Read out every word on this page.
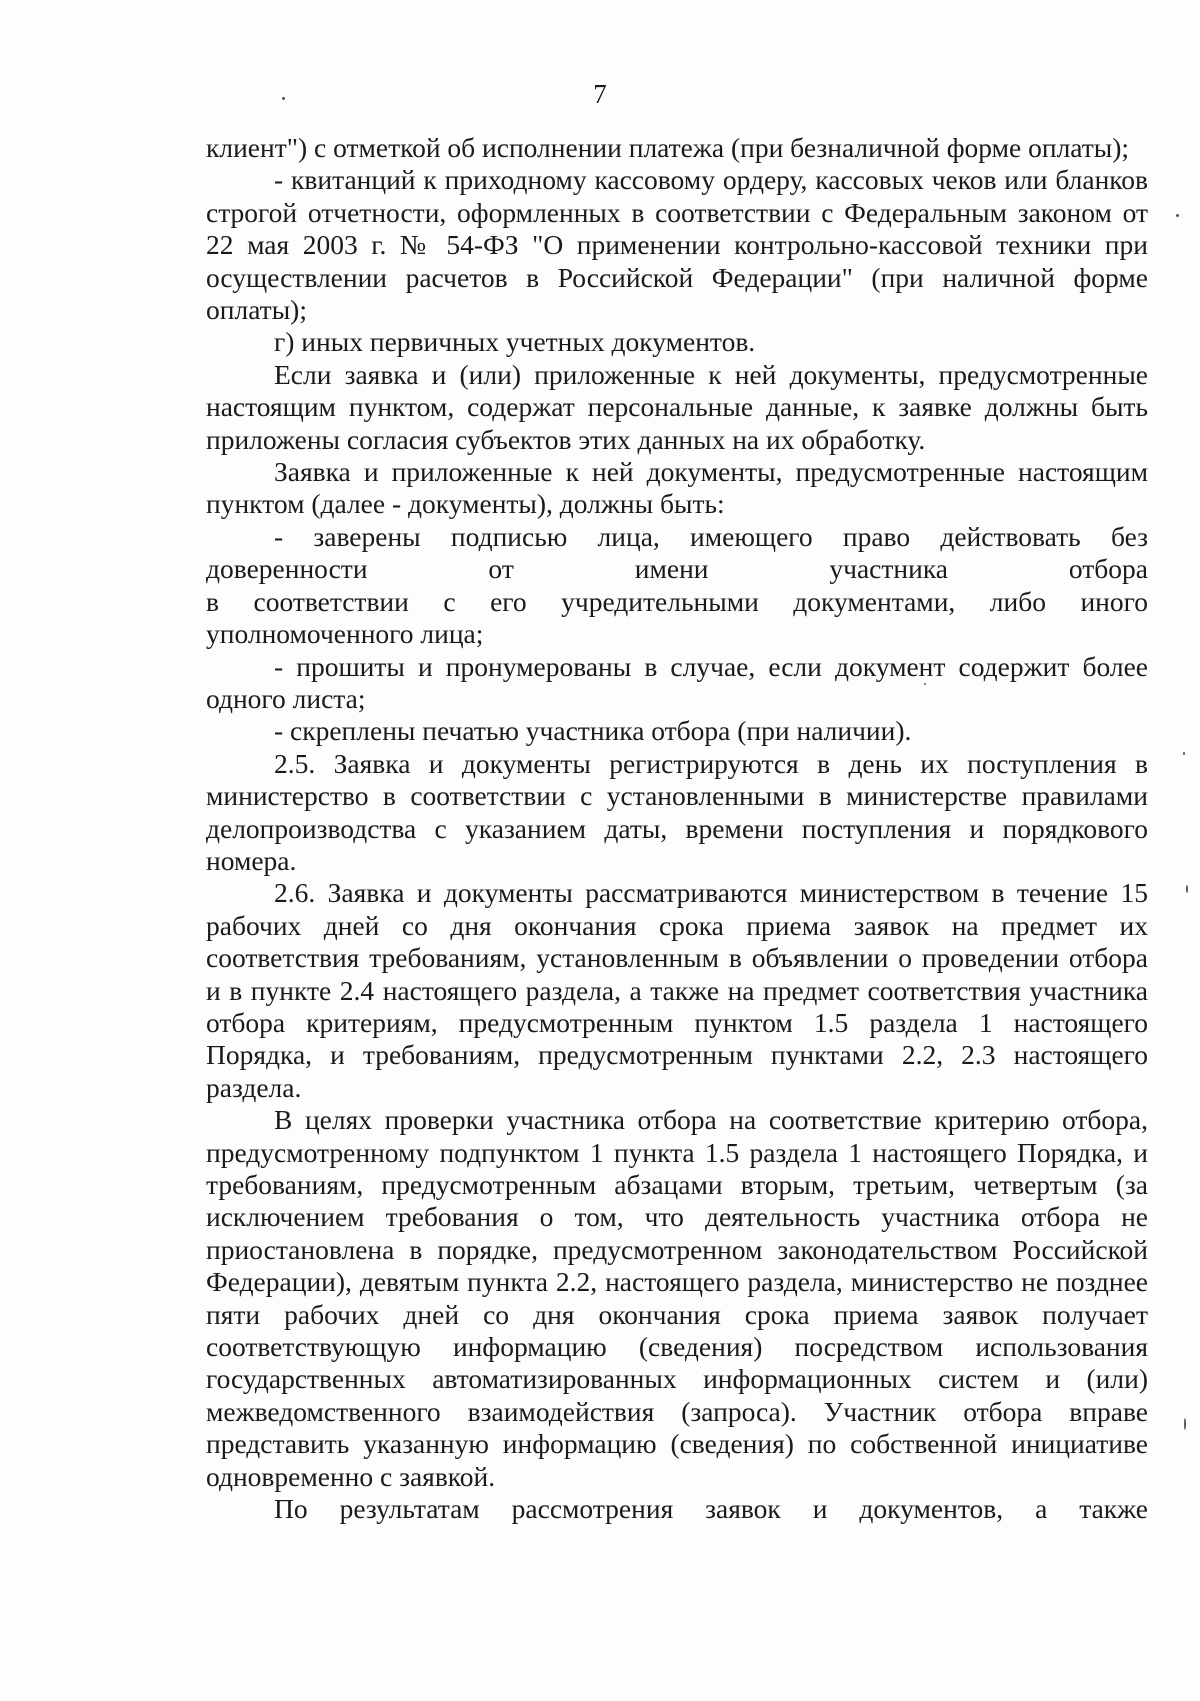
7

клиент") с отметкой об исполнении платежа (при безналичной форме оплаты);

- квитанций к приходному кассовому ордеру, кассовых чеков или бланков строгой отчетности, оформленных в соответствии с Федеральным законом от 22 мая 2003 г. № 54-ФЗ "О применении контрольно-кассовой техники при осуществлении расчетов в Российской Федерации" (при наличной форме оплаты);

г) иных первичных учетных документов.

Если заявка и (или) приложенные к ней документы, предусмотренные настоящим пунктом, содержат персональные данные, к заявке должны быть приложены согласия субъектов этих данных на их обработку.

Заявка и приложенные к ней документы, предусмотренные настоящим пунктом (далее - документы), должны быть:

- заверены подписью лица, имеющего право действовать без

доверенности от имени участника отбора

в соответствии с его учредительными документами, либо иного уполномоченного лица;

- прошиты и пронумерованы в случае, если документ содержит более одного листа;

- скреплены печатью участника отбора (при наличии).

2.5. Заявка и документы регистрируются в день их поступления в министерство в соответствии с установленными в министерстве правилами делопроизводства с указанием даты, времени поступления и порядкового номера.

2.6. Заявка и документы рассматриваются министерством в течение 15 рабочих дней со дня окончания срока приема заявок на предмет их соответствия требованиям, установленным в объявлении о проведении отбора и в пункте 2.4 настоящего раздела, а также на предмет соответствия участника отбора критериям, предусмотренным пунктом 1.5 раздела 1 настоящего Порядка, и требованиям, предусмотренным пунктами 2.2, 2.3 настоящего раздела.

В целях проверки участника отбора на соответствие критерию отбора, предусмотренному подпунктом 1 пункта 1.5 раздела 1 настоящего Порядка, и требованиям, предусмотренным абзацами вторым, третьим, четвертым (за исключением требования о том, что деятельность участника отбора не приостановлена в порядке, предусмотренном законодательством Российской Федерации), девятым пункта 2.2, настоящего раздела, министерство не позднее пяти рабочих дней со дня окончания срока приема заявок получает соответствующую информацию (сведения) посредством использования государственных автоматизированных информационных систем и (или) межведомственного взаимодействия (запроса). Участник отбора вправе представить указанную информацию (сведения) по собственной инициативе одновременно с заявкой.

По результатам рассмотрения заявок и документов, а также
